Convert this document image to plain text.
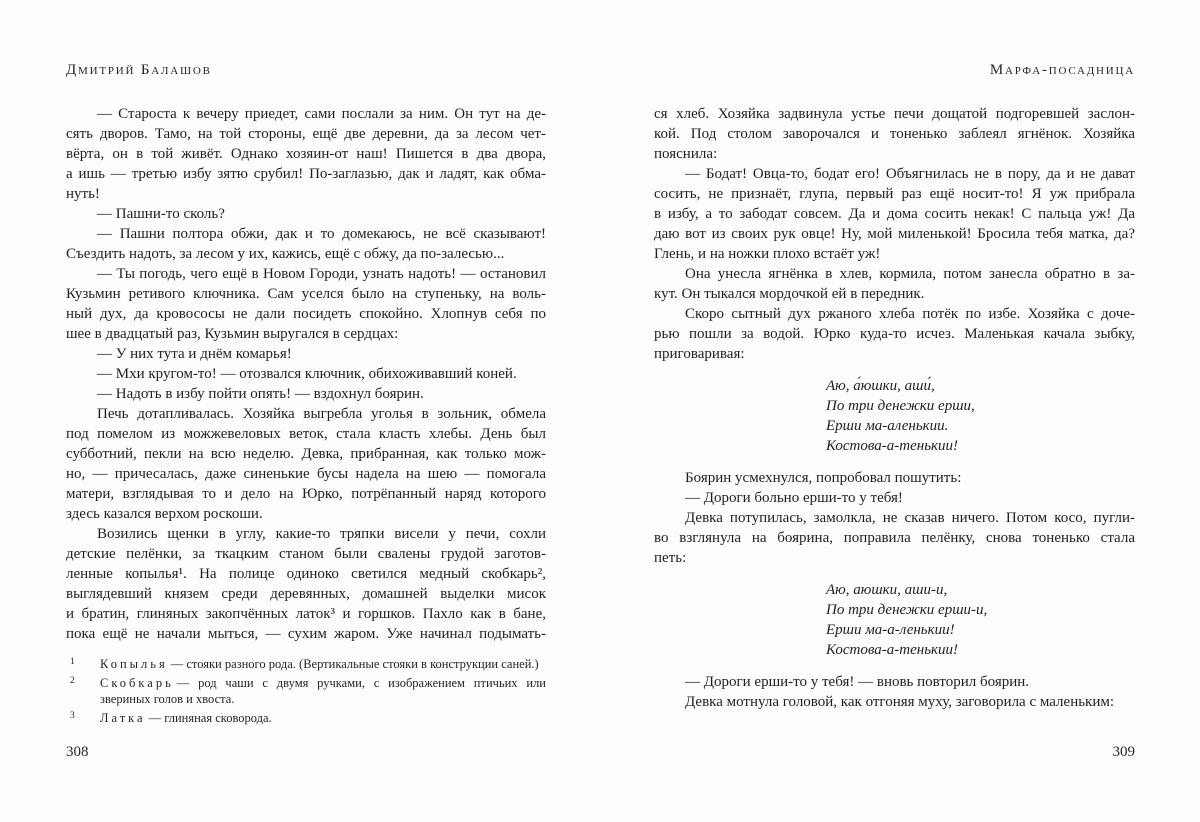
Дмитрий Балашов
— Староста к вечеру приедет, сами послали за ним. Он тут на де-
сять дворов. Тамо, на той стороны, ещё две деревни, да за лесом чет-
вёрта, он в той живёт. Однако хозяин-от наш! Пишется в два двора,
а ишь — третью избу зятю срубил! По-заглазью, дак и ладят, как обма-
нуть!
— Пашни-то сколь?
— Пашни полтора обжи, дак и то домекаюсь, не всё сказывают!
Съездить надоть, за лесом у их, кажись, ещё с обжу, да по-залесью...
— Ты погодь, чего ещё в Новом Городи, узнать надоть! — остановил
Кузьмин ретивого ключника. Сам уселся было на ступеньку, на воль-
ный дух, да кровососы не дали посидеть спокойно. Хлопнув себя по
шее в двадцатый раз, Кузьмин выругался в сердцах:
— У них тута и днём комарья!
— Мхи кругом-то! — отозвался ключник, обихоживавший коней.
— Надоть в избу пойти опять! — вздохнул боярин.
Печь дотапливалась. Хозяйка выгребла уголья в зольник, обмела
под помелом из можжевеловых веток, стала класть хлебы. День был
субботний, пекли на всю неделю. Девка, прибранная, как только мож-
но, — причесалась, даже синенькие бусы надела на шею — помогала
матери, взглядывая то и дело на Юрко, потрёпанный наряд которого
здесь казался верхом роскоши.
Возились щенки в углу, какие-то тряпки висели у печи, сохли
детские пелёнки, за ткацким станом были свалены грудой заготов-
ленные копылья¹. На полице одиноко светился медный скобкарь²,
выглядевший князем среди деревянных, домашней выделки мисок
и братин, глиняных закопчённых латок³ и горшков. Пахло как в бане,
пока ещё не начали мыться, — сухим жаром. Уже начинал подымать-
1 Копылья — стояки разного рода. (Вертикальные стояки в конструкции саней.)
2 Скобкарь — род чаши с двумя ручками, с изображением птичьих или звериных голов и хвоста.
3 Латка — глиняная сковорода.
308
Марфа-посадница
ся хлеб. Хозяйка задвинула устье печи дощатой подгоревшей заслон-
кой. Под столом заворочался и тоненько заблеял ягнёнок. Хозяйка
пояснила:
— Бодат! Овца-то, бодат его! Объягнилась не в пору, да и не дават
сосить, не признаёт, глупа, первый раз ещё носит-то! Я уж прибрала
в избу, а то забодат совсем. Да и дома сосить некак! С пальца уж! Да
даю вот из своих рук овце! Ну, мой миленькой! Бросила тебя матка, да?
Глень, и на ножки плохо встаёт уж!
Она унесла ягнёнка в хлев, кормила, потом занесла обратно в за-
кут. Он тыкался мордочкой ей в передник.
Скоро сытный дух ржаного хлеба потёк по избе. Хозяйка с доче-
рью пошли за водой. Юрко куда-то исчез. Маленькая качала зыбку,
приговаривая:
Аю, а́юшки, аши́,
По три денежки ерши,
Ерши ма-аленькии.
Костова-а-тенькии!
Боярин усмехнулся, попробовал пошутить:
— Дороги больно ерши-то у тебя!
Девка потупилась, замолкла, не сказав ничего. Потом косо, пугли-
во взглянула на боярина, поправила пелёнку, снова тоненько стала
петь:
Аю, аюшки, аши-и,
По три денежки ерши-и,
Ерши ма-а-ленькии!
Костова-а-тенькии!
— Дороги ерши-то у тебя! — вновь повторил боярин.
Девка мотнула головой, как отгоняя муху, заговорила с маленьким:
309
